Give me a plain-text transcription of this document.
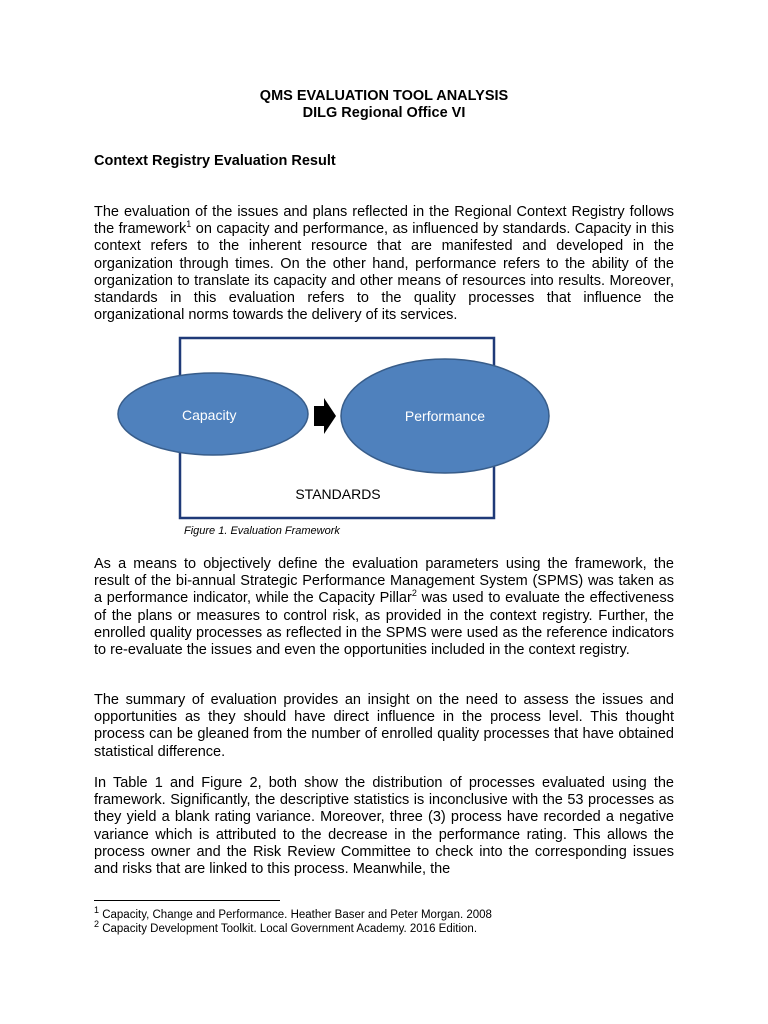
QMS EVALUATION TOOL ANALYSIS
DILG Regional Office VI
Context Registry Evaluation Result

The evaluation of the issues and plans reflected in the Regional Context Registry follows the framework$^1$ on capacity and performance, as influenced by standards. Capacity in this context refers to the inherent resource that are manifested and developed in the organization through times. On the other hand, performance refers to the ability of the organization to translate its capacity and other means of resources into results. Moreover, standards in this evaluation refers to the quality processes that influence the organizational norms towards the delivery of its services.

Capacity	Performance
STANDARDS
Figure 1. Evaluation Framework

As a means to objectively define the evaluation parameters using the framework, the result of the bi-annual Strategic Performance Management System (SPMS) was taken as a performance indicator, while the Capacity Pillar$^2$ was used to evaluate the effectiveness of the plans or measures to control risk, as provided in the context registry. Further, the enrolled quality processes as reflected in the SPMS were used as the reference indicators to re-evaluate the issues and even the opportunities included in the context registry.

The summary of evaluation provides an insight on the need to assess the issues and opportunities as they should have direct influence in the process level. This thought process can be gleaned from the number of enrolled quality processes that have obtained statistical difference.

In Table 1 and Figure 2, both show the distribution of processes evaluated using the framework. Significantly, the descriptive statistics is inconclusive with the 53 processes as they yield a blank rating variance. Moreover, three (3) process have recorded a negative variance which is attributed to the decrease in the performance rating. This allows the process owner and the Risk Review Committee to check into the corresponding issues and risks that are linked to this process. Meanwhile, the

$^1$ Capacity, Change and Performance. Heather Baser and Peter Morgan. 2008
$^2$ Capacity Development Toolkit. Local Government Academy. 2016 Edition.
